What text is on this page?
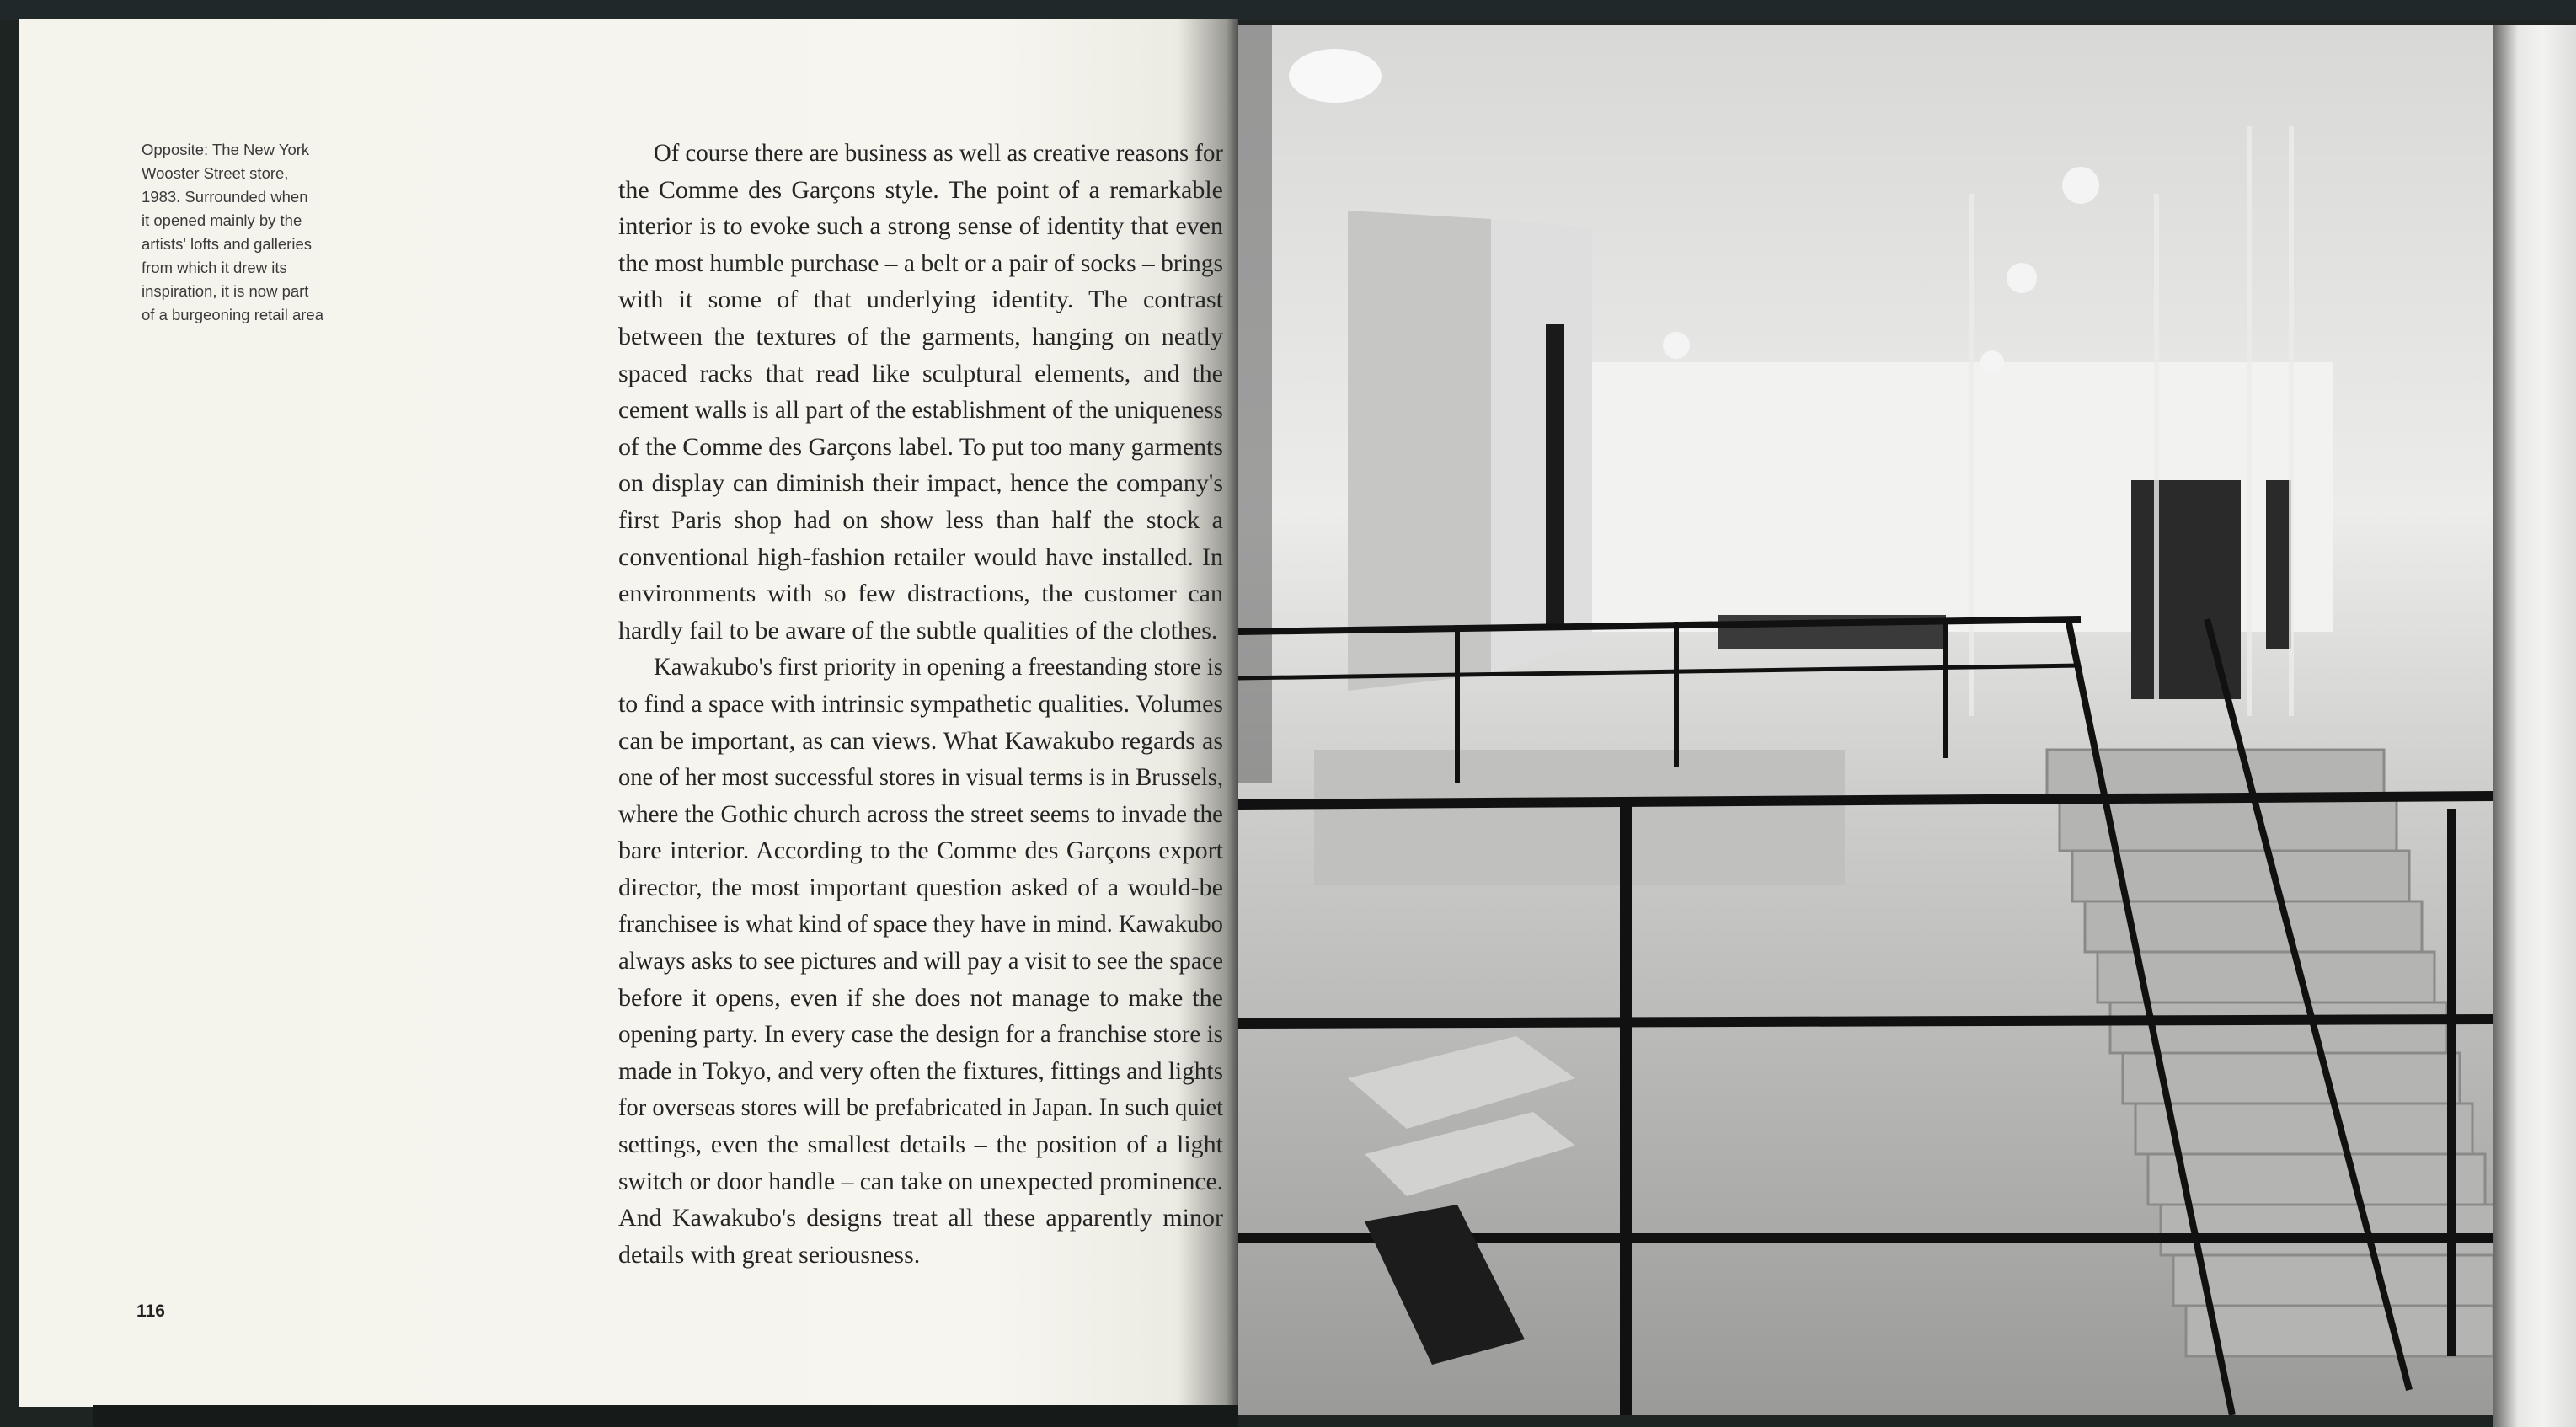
Opposite: The New York
Wooster Street store,
1983. Surrounded when
it opened mainly by the
artists' lofts and galleries
from which it drew its
inspiration, it is now part
of a burgeoning retail area
116
Of course there are business as well as creative reasons for
the Comme des Garçons style. The point of a remarkable
interior is to evoke such a strong sense of identity that even
the most humble purchase – a belt or a pair of socks – brings
with it some of that underlying identity. The contrast
between the textures of the garments, hanging on neatly
spaced racks that read like sculptural elements, and the
cement walls is all part of the establishment of the uniqueness
of the Comme des Garçons label. To put too many garments
on display can diminish their impact, hence the company's
first Paris shop had on show less than half the stock a
conventional high-fashion retailer would have installed. In
environments with so few distractions, the customer can
hardly fail to be aware of the subtle qualities of the clothes.
Kawakubo's first priority in opening a freestanding store is
to find a space with intrinsic sympathetic qualities. Volumes
can be important, as can views. What Kawakubo regards as
one of her most successful stores in visual terms is in Brussels,
where the Gothic church across the street seems to invade the
bare interior. According to the Comme des Garçons export
director, the most important question asked of a would-be
franchisee is what kind of space they have in mind. Kawakubo
always asks to see pictures and will pay a visit to see the space
before it opens, even if she does not manage to make the
opening party. In every case the design for a franchise store is
made in Tokyo, and very often the fixtures, fittings and lights
for overseas stores will be prefabricated in Japan. In such quiet
settings, even the smallest details – the position of a light
switch or door handle – can take on unexpected prominence.
And Kawakubo's designs treat all these apparently minor
details with great seriousness.
